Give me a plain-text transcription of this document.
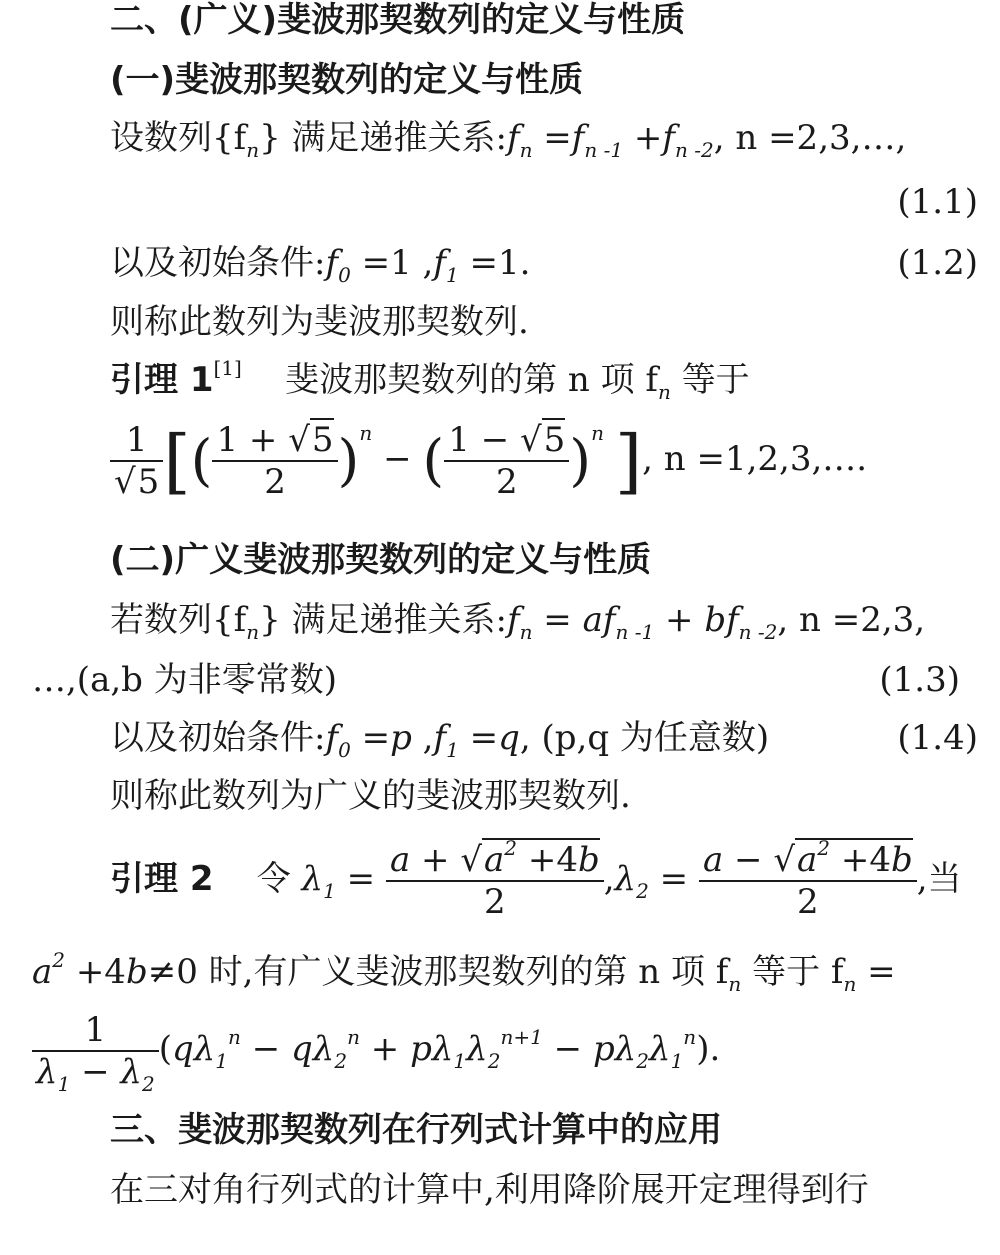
二、(广义)斐波那契数列的定义与性质
(一)斐波那契数列的定义与性质
设数列$\{f_n\}$ 满足递推关系$:f_n =f_{n -1} +f_{n -2}$, n =2,3,…,
(1.1)
以及初始条件$:f_0 =1$ $,f_1 =1$.	(1.2)
则称此数列为斐波那契数列.
引理 1[1] 斐波那契数列的第 n 项 $f_n$ 等于
$\frac{1}{√5}$ [( $\frac{1 + √5}{2} )^n$ − ( $\frac{1 - √5}{2} )^n$ ], n =1,2,3,….
(二)广义斐波那契数列的定义与性质
若数列$\{f_n\}$ 满足递推关系$:f_n = af_{n -1} + bf_{n -2}$, n =2,3,
…,(a,b 为非零常数)	(1.3)
以及初始条件$:f_0 =p$ $,f_1 =q$, (p,q 为任意数)	(1.4)
则称此数列为广义的斐波那契数列.
引理 2 令 $\lambda_1 = \frac{a + √a^2 +4b}{2} ,\lambda_2 = \frac{a - √a^2 +4b}{2}$ ,当
$a^2 +4b\ne 0$ 时,有广义斐波那契数列的第 n 项 $f_n$ 等于 $f_n$ =
$\frac{1}{\lambda_1 - \lambda_2} (q\lambda_1^n - q\lambda_2^n + p\lambda_1\lambda_2^{n+1} - p\lambda_2\lambda_1^n)$.
三、斐波那契数列在行列式计算中的应用
在三对角行列式的计算中,利用降阶展开定理得到行
